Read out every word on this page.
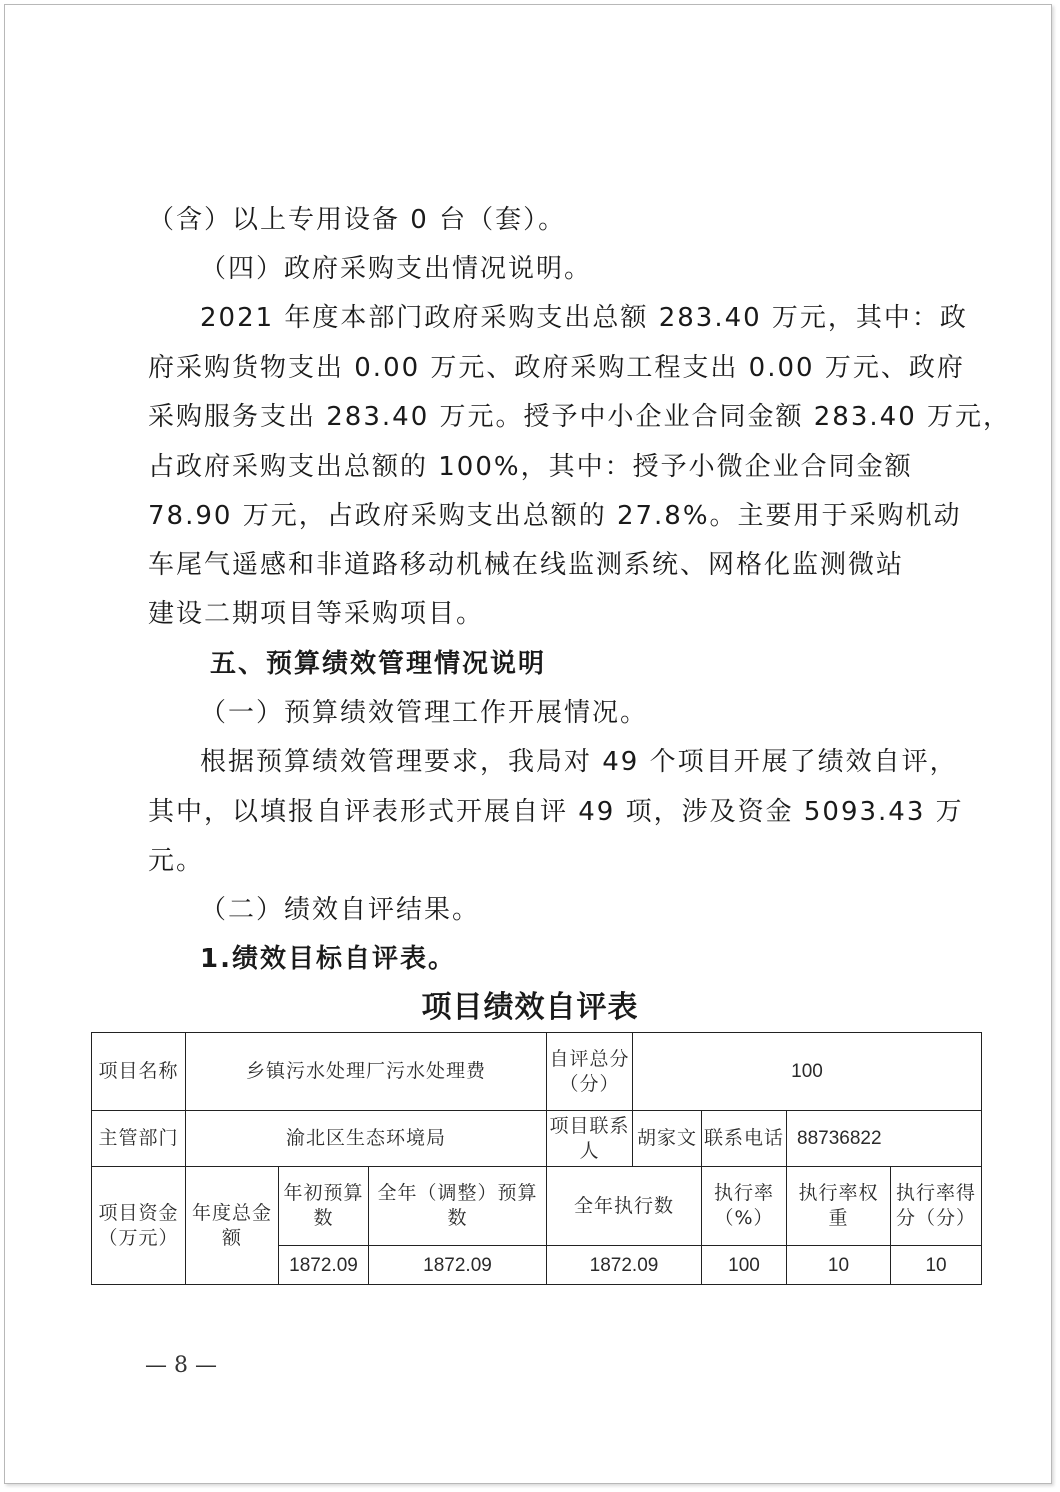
（含）以上专用设备 0 台（套）。

（四）政府采购支出情况说明。

2021 年度本部门政府采购支出总额 283.40 万元，其中：政

府采购货物支出 0.00 万元、政府采购工程支出 0.00 万元、政府

采购服务支出 283.40 万元。授予中小企业合同金额 283.40 万元，

占政府采购支出总额的 100%，其中：授予小微企业合同金额

78.90 万元，占政府采购支出总额的 27.8%。主要用于采购机动

车尾气遥感和非道路移动机械在线监测系统、网格化监测微站

建设二期项目等采购项目。

五、预算绩效管理情况说明

（一）预算绩效管理工作开展情况。

根据预算绩效管理要求，我局对 49 个项目开展了绩效自评，

其中，以填报自评表形式开展自评 49 项，涉及资金 5093.43 万

元。

（二）绩效自评结果。

1.绩效目标自评表。

项目绩效自评表
项目名称	乡镇污水处理厂污水处理费			自评总分（分）	100			
主管部门	渝北区生态环境局			项目联系人	胡家文	联系电话	88736822	
项目资金（万元）	年度总金额	年初预算数	全年（调整）预算数	全年执行数		执行率（%）	执行率权重	执行率得分（分）
		1872.09	1872.09	1872.09		100	10	10
— 8 —
